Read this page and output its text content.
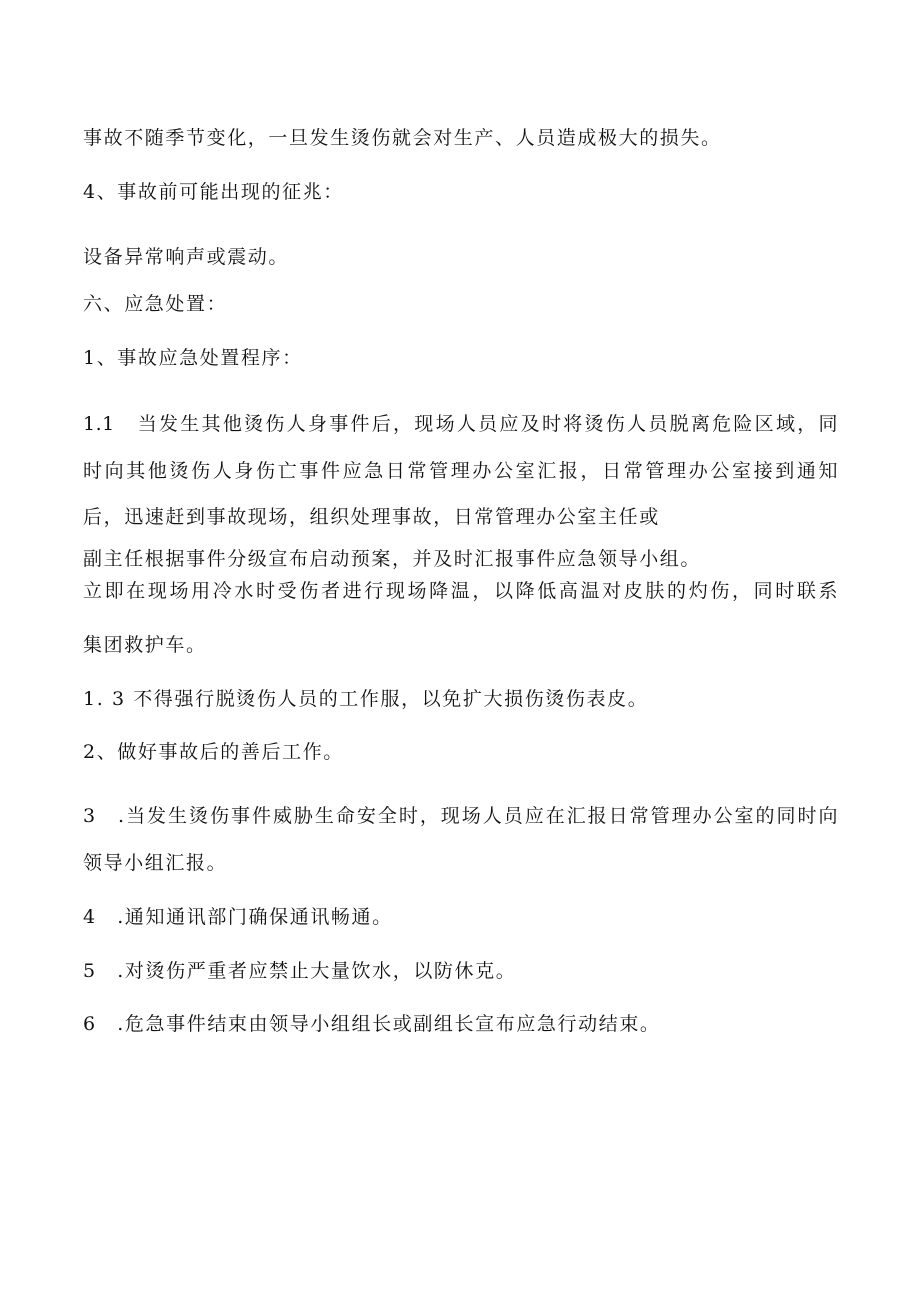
事故不随季节变化，一旦发生烫伤就会对生产、人员造成极大的损失。
4、事故前可能出现的征兆：
设备异常响声或震动。
六、应急处置：
1、事故应急处置程序：
1.1　当发生其他烫伤人身事件后，现场人员应及时将烫伤人员脱离危险区域，同
时向其他烫伤人身伤亡事件应急日常管理办公室汇报，日常管理办公室接到通知
后，迅速赶到事故现场，组织处理事故，日常管理办公室主任或
副主任根据事件分级宣布启动预案，并及时汇报事件应急领导小组。
立即在现场用冷水时受伤者进行现场降温，以降低高温对皮肤的灼伤，同时联系
集团救护车。
1. 3 不得强行脱烫伤人员的工作服，以免扩大损伤烫伤表皮。
2、做好事故后的善后工作。
3　.当发生烫伤事件威胁生命安全时，现场人员应在汇报日常管理办公室的同时向
领导小组汇报。
4　.通知通讯部门确保通讯畅通。
5　.对烫伤严重者应禁止大量饮水，以防休克。
6　.危急事件结束由领导小组组长或副组长宣布应急行动结束。
